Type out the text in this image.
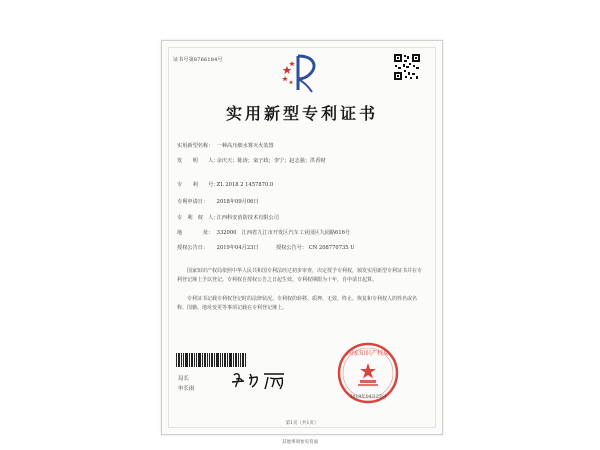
证书号第8766184号
实用新型专利证书
实用新型名称： 一种高压细水雾灭火装置
发　　明　　人： 余庆天；陈涛；栾子政；李宁；赵志强；洪香财
专　　利　　号： ZL 2018 2 1457870.0
专利申请日： 2018年09月06日
专　利　权　人： 江西科安消防技术有限公司
地　　　　址： 332000　江西省九江市开发区汽车工业园区九园路616号
授权公告日： 2019年04月23日	授权公告号： CN 208770735 U
国家知识产权局依照中华人民共和国专利法经过初步审查，决定授予专利权，颁发实用新型专利证书并在专利登记簿上予以登记。专利权自授权公告之日起生效。专利权期限为十年，自申请日起算。
专利证书记载专利权登记时的法律状况。专利权的转移、质押、无效、终止、恢复和专利权人的姓名或名称、国籍、地址变更等事项记载在专利登记簿上。
局长
申长雨
国家知识产权局
2019年04月23日
第1页（共1页）
其他事项参见背面
